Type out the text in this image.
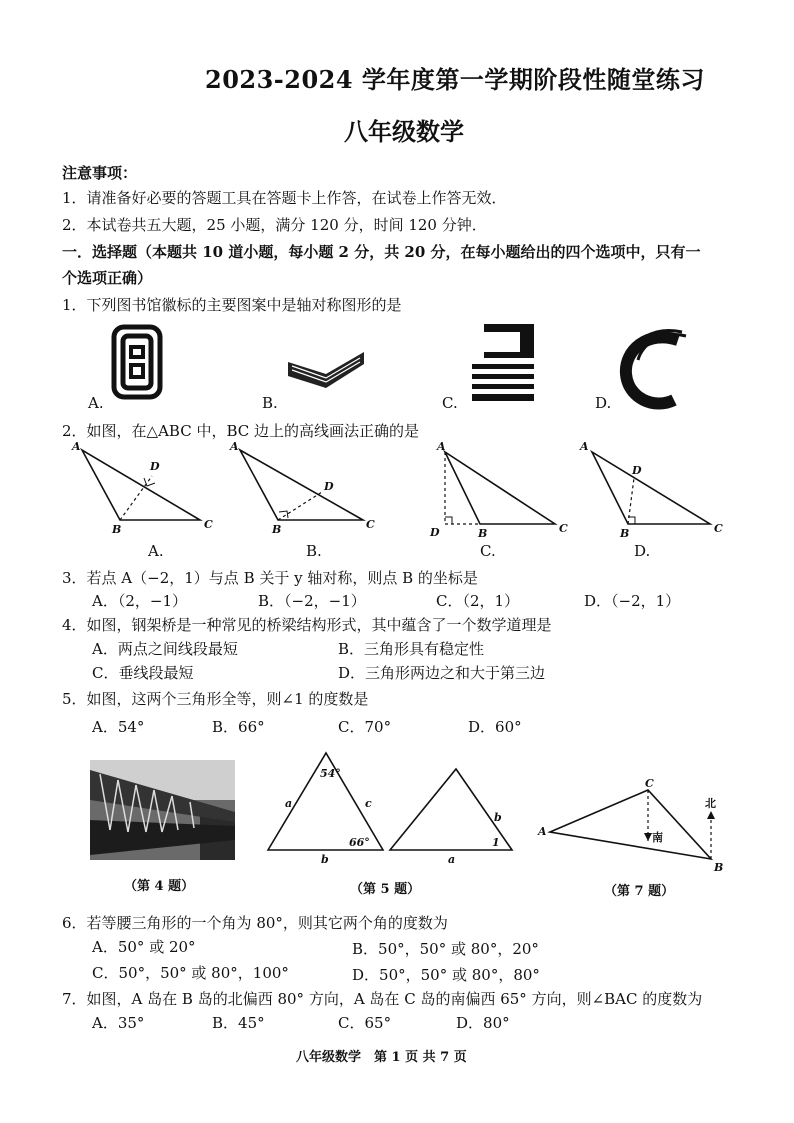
2023-2024 学年度第一学期阶段性随堂练习
八年级数学
注意事项：
1．请准备好必要的答题工具在答题卡上作答，在试卷上作答无效．
2．本试卷共五大题，25 小题，满分 120 分，时间 120 分钟．
一．选择题（本题共 10 道小题，每小题 2 分，共 20 分，在每小题给出的四个选项中，只有一
个选项正确）
1．下列图书馆徽标的主要图案中是轴对称图形的是
A.	B.	C.	D.
2．如图，在△ABC 中，BC 边上的高线画法正确的是
A
B	C
D
A
B	C
D
A
D	B	C
A
B	C
D
A.	B.	C.	D.
3．若点 A（−2，1）与点 B 关于 y 轴对称，则点 B 的坐标是
A．（2，−1）	B．（−2，−1）	C．（2，1）	D．（−2，1）
4．如图，钢架桥是一种常见的桥梁结构形式，其中蕴含了一个数学道理是
A．两点之间线段最短	B．三角形具有稳定性
C．垂线段最短	D．三角形两边之和大于第三边
5．如图，这两个三角形全等，则∠1 的度数是
A．54°	B．66°	C．70°	D．60°
（第 4 题）
54°
66°
a	c
b
b
a
1
（第 5 题）
A
C
B
南
北
（第 7 题）
6．若等腰三角形的一个角为 80°，则其它两个角的度数为
A．50° 或 20°	B．50°，50° 或 80°，20°
C．50°，50° 或 80°，100°	D．50°，50° 或 80°，80°
7．如图，A 岛在 B 岛的北偏西 80° 方向，A 岛在 C 岛的南偏西 65° 方向，则∠BAC 的度数为
A．35°	B．45°	C．65°	D．80°
八年级数学　第 1 页 共 7 页
